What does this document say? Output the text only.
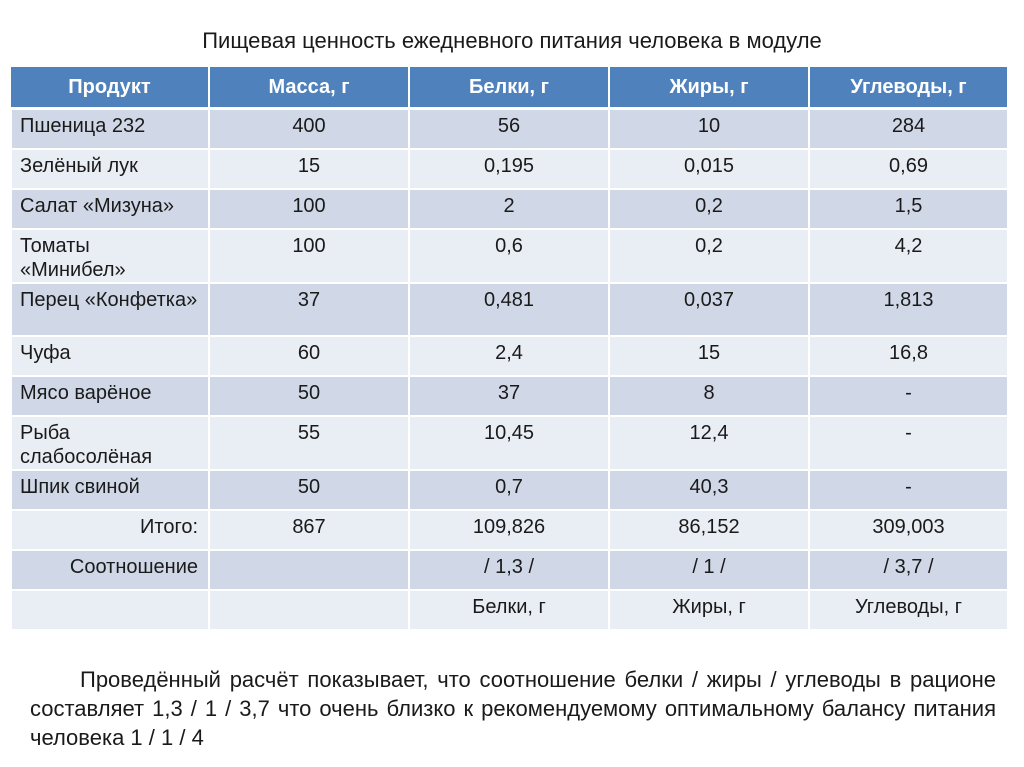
Пищевая ценность ежедневного питания человека в модуле
Продукт	Масса, г	Белки, г	Жиры, г	Углеводы, г
Пшеница 232	400	56	10	284
Зелёный лук	15	0,195	0,015	0,69
Салат «Мизуна»	100	2	0,2	1,5
Томаты «Минибел»	100	0,6	0,2	4,2
Перец «Конфетка»	37	0,481	0,037	1,813
Чуфа	60	2,4	15	16,8
Мясо варёное	50	37	8	-
Рыба слабосолёная	55	10,45	12,4	-
Шпик свиной	50	0,7	40,3	-
Итого:	867	109,826	86,152	309,003
Соотношение		/ 1,3 /	/ 1 /	/ 3,7 /
		Белки, г	Жиры, г	Углеводы, г
Проведённый расчёт показывает, что соотношение белки / жиры / углеводы в рационе составляет 1,3 / 1 / 3,7 что очень близко к рекомендуемому оптимальному балансу питания человека 1 / 1 / 4
